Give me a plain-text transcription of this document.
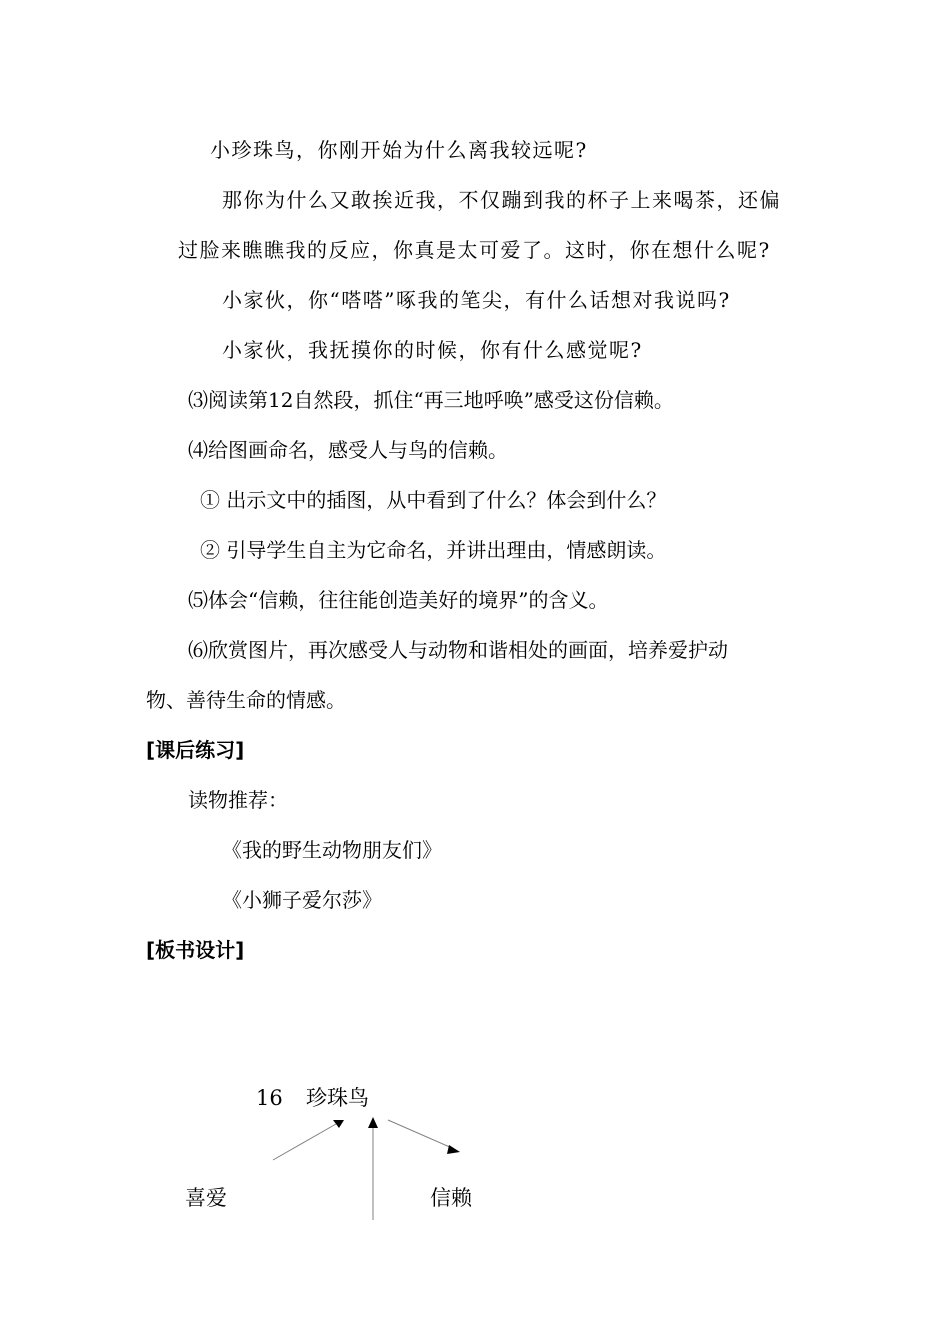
小珍珠鸟，你刚开始为什么离我较远呢?
那你为什么又敢挨近我，不仅蹦到我的杯子上来喝茶，还偏
过脸来瞧瞧我的反应，你真是太可爱了。这时，你在想什么呢?
小家伙，你“嗒嗒”啄我的笔尖，有什么话想对我说吗?
小家伙，我抚摸你的时候，你有什么感觉呢?
⑶阅读第12自然段，抓住“再三地呼唤”感受这份信赖。
⑷给图画命名，感受人与鸟的信赖。
① 出示文中的插图，从中看到了什么？体会到什么？
② 引导学生自主为它命名，并讲出理由，情感朗读。
⑸体会“信赖，往往能创造美好的境界”的含义。
⑹欣赏图片，再次感受人与动物和谐相处的画面，培养爱护动
物、善待生命的情感。
[课后练习]
读物推荐：
《我的野生动物朋友们》
《小狮子爱尔莎》
[板书设计]
16 珍珠鸟
喜爱	信赖
